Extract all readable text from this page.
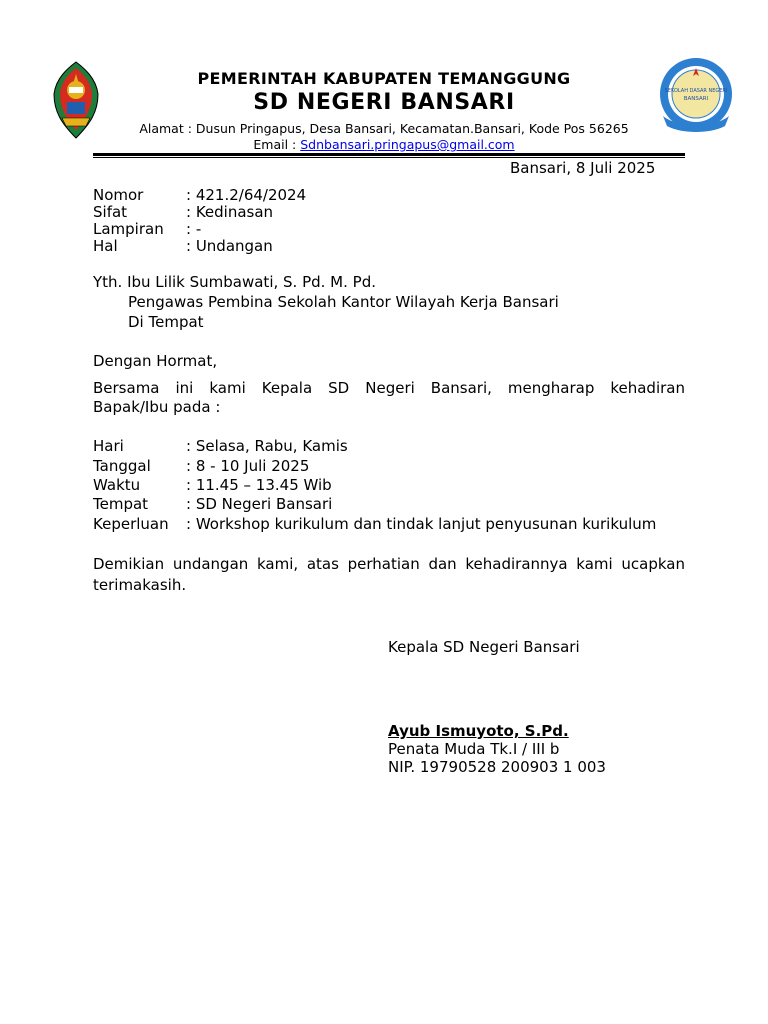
SEKOLAH DASAR NEGERI
BANSARI
PEMERINTAH KABUPATEN TEMANGGUNG
SD NEGERI BANSARI
Alamat : Dusun Pringapus, Desa Bansari, Kecamatan.Bansari, Kode Pos 56265
Email : Sdnbansari.pringapus@gmail.com
Bansari, 8 Juli 2025
Nomor	: 421.2/64/2024
Sifat	: Kedinasan
Lampiran : -
Hal	: Undangan
Yth. Ibu Lilik Sumbawati, S. Pd. M. Pd.
Pengawas Pembina Sekolah Kantor Wilayah Kerja Bansari
Di Tempat
Dengan Hormat,
Bersama ini kami Kepala SD Negeri Bansari, mengharap kehadiran
Bapak/Ibu pada :
Hari	: Selasa, Rabu, Kamis
Tanggal : 8 - 10 Juli 2025
Waktu	: 11.45 – 13.45 Wib
Tempat	: SD Negeri Bansari
Keperluan : Workshop kurikulum dan tindak lanjut penyusunan kurikulum
Demikian undangan kami, atas perhatian dan kehadirannya kami ucapkan
terimakasih.
Kepala SD Negeri Bansari
Ayub Ismuyoto, S.Pd.
Penata Muda Tk.I / III b
NIP. 19790528 200903 1 003
